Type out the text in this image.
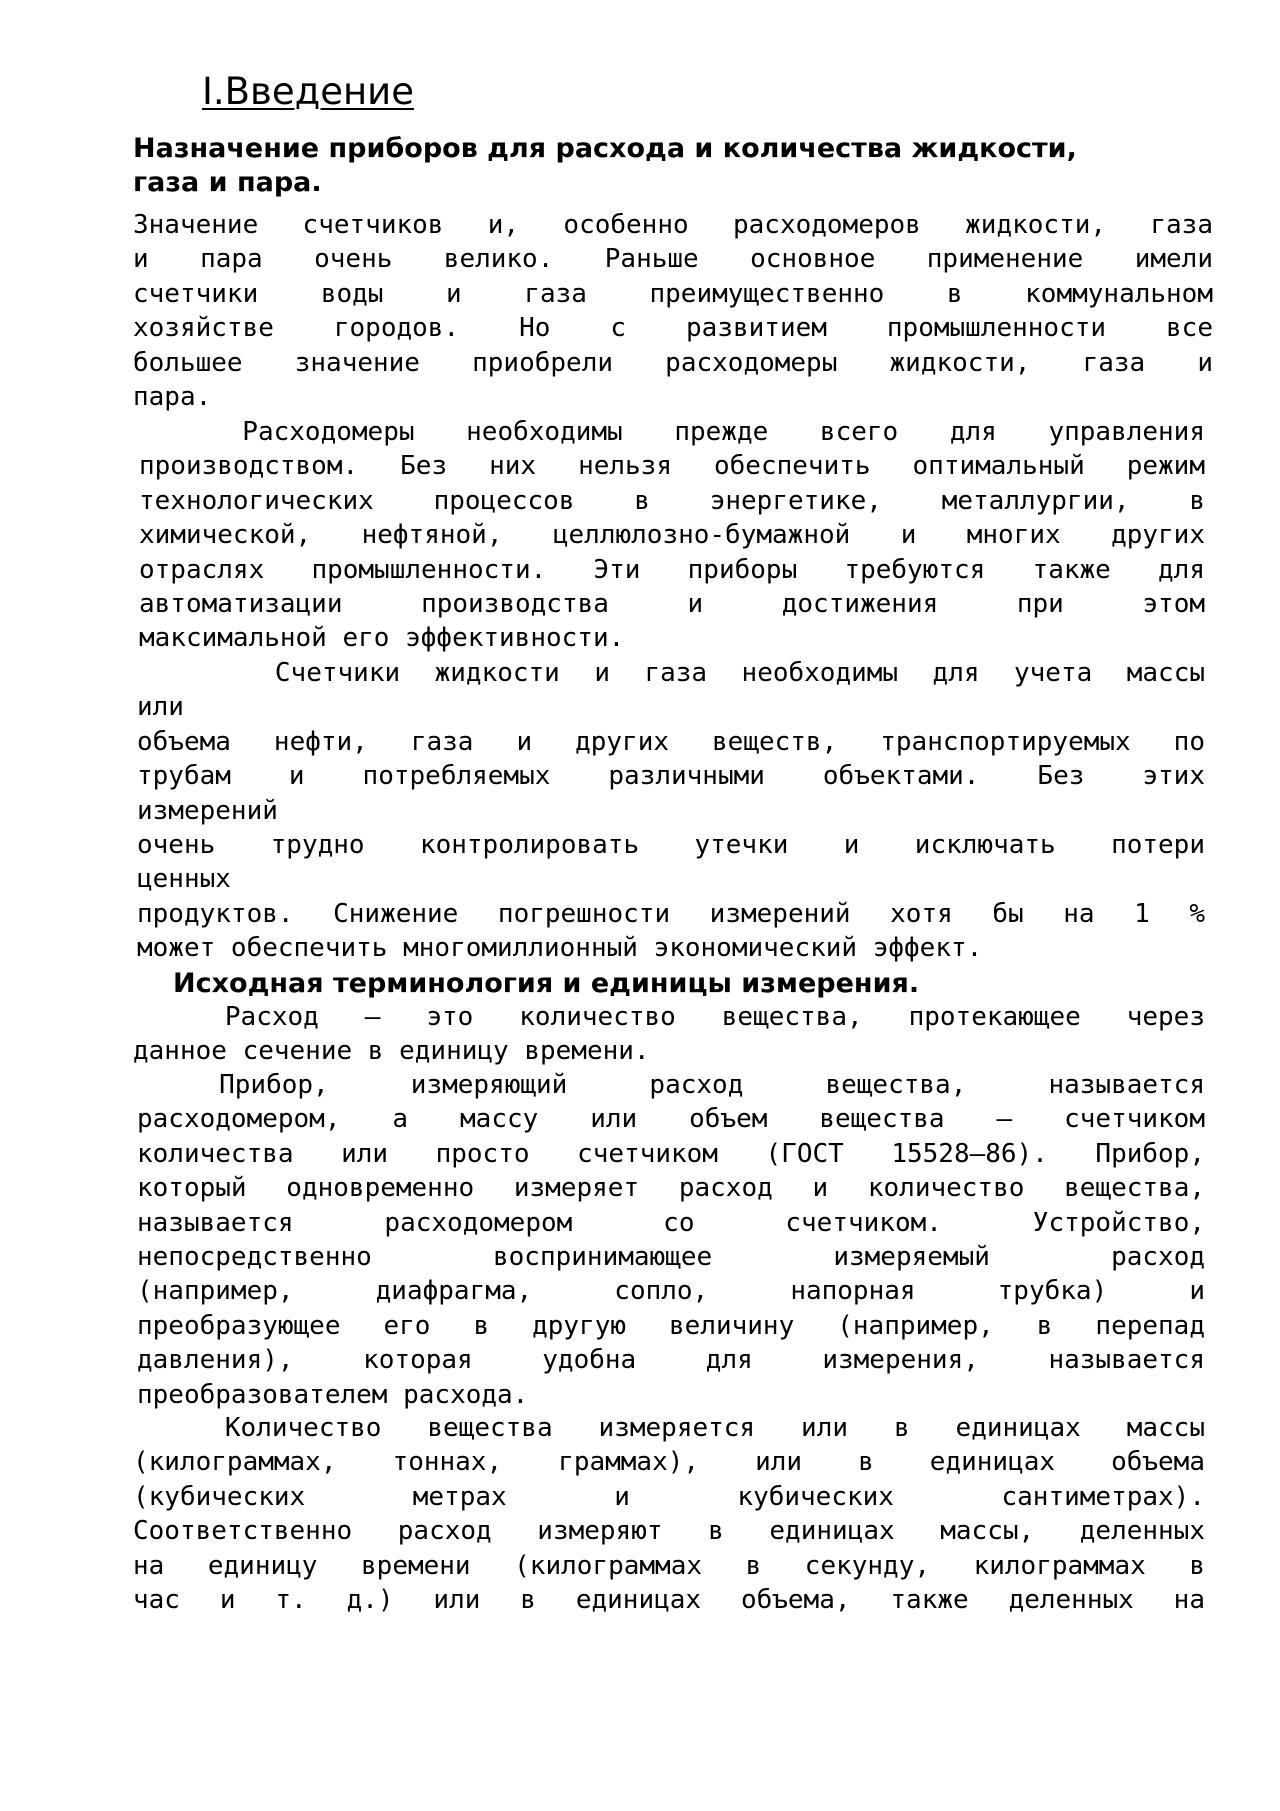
I.Введение
Назначение приборов для расхода и количества жидкости,
газа и пара.
Значение счетчиков и, особенно расходомеров жидкости, газа
и пара очень велико. Раньше основное применение имели
счетчики воды и газа преимущественно в коммунальном
хозяйстве городов. Но с развитием промышленности все
большее значение приобрели расходомеры жидкости, газа и
пара.
Расходомеры необходимы прежде всего для управления
производством. Без них нельзя обеспечить оптимальный режим
технологических процессов в энергетике, металлургии, в
химической, нефтяной, целлюлозно-бумажной и многих других
отраслях промышленности. Эти приборы требуются также для
автоматизации производства и достижения при этом
максимальной его эффективности.
Счетчики жидкости и газа необходимы для учета массы
или
объема нефти, газа и других веществ, транспортируемых по
трубам и потребляемых различными объектами. Без этих
измерений
очень трудно контролировать утечки и исключать потери
ценных
продуктов. Снижение погрешности измерений хотя бы на 1 %
может обеспечить многомиллионный экономический эффект.
Исходная терминология и единицы измерения.
Расход — это количество вещества, протекающее через
данное сечение в единицу времени.
Прибор, измеряющий расход вещества, называется
расходомером, а массу или объем вещества — счетчиком
количества или просто счетчиком (ГОСТ 15528—86). Прибор,
который одновременно измеряет расход и количество вещества,
называется расходомером со счетчиком. Устройство,
непосредственно воспринимающее измеряемый расход
(например, диафрагма, сопло, напорная трубка) и
преобразующее его в другую величину (например, в перепад
давления), которая удобна для измерения, называется
преобразователем расхода.
Количество вещества измеряется или в единицах массы
(килограммах, тоннах, граммах), или в единицах объема
(кубических метрах и кубических сантиметрах).
Соответственно расход измеряют в единицах массы, деленных
на единицу времени (килограммах в секунду, килограммах в
час и т. д.) или в единицах объема, также деленных на
